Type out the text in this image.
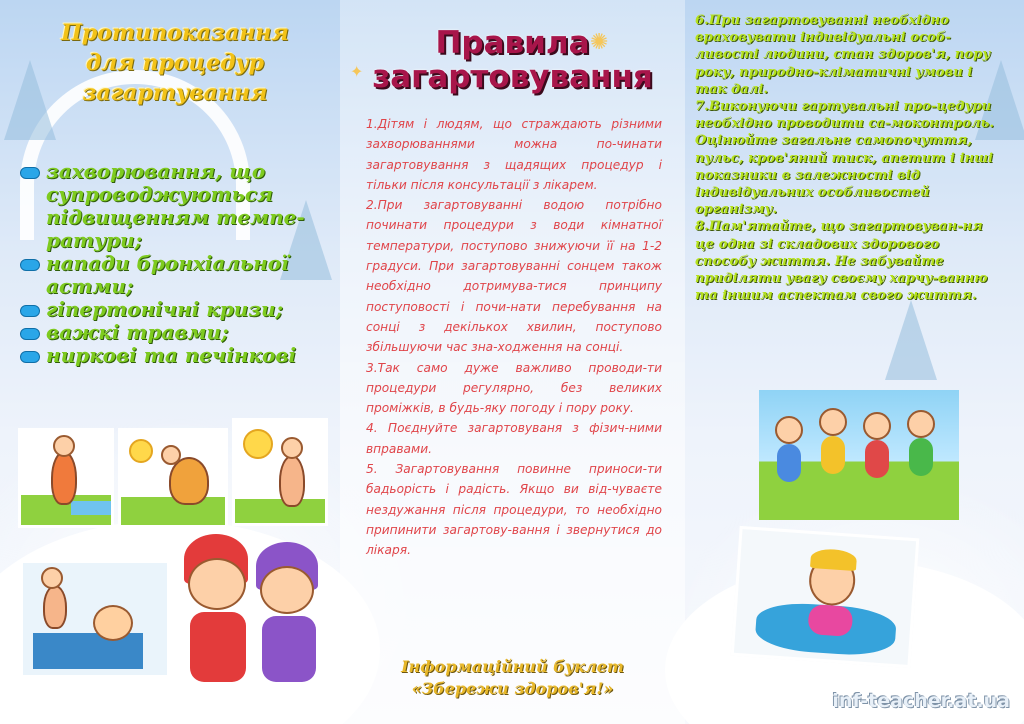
Протипоказання
для процедур
загартування
захворювання, що супроводжуються підвищенням темпе-ратури;
напади бронхіальної астми;
гіпертонічні кризи;
важкі травми;
ниркові та печінкові
✺
✦
Правила
загартовування

1.Дітям і людям, що страждають різними захворюваннями можна по-чинати загартовування з щадящих процедур і тільки після консультації з лікарем.

2.При загартовуванні водою потрібно починати процедури з води кімнатної температури, поступово знижуючи її на 1-2 градуси. При загартовуванні сонцем також необхідно дотримува-тися принципу поступовості і почи-нати перебування на сонці з декількох хвилин, поступово збільшуючи час зна-ходження на сонці.

3.Так само дуже важливо проводи-ти процедури регулярно, без великих проміжків, в будь-яку погоду і пору року.

4. Поєднуйте загартовуваня з фізич-ними вправами.

5. Загартовування повинне приноси-ти бадьорість і радість. Якщо ви від-чуваєте нездужання після процедури, то необхідно припинити загартову-вання і звернутися до лікаря.

Інформаційний буклет
«Збережи здоров'я!»

6.При загартовуванні необхідно враховувати індивідуальні особ-ливості людини, стан здоров'я, пору року, природно-кліматичні умови і так далі.

7.Виконуючи гартувальні про-цедури необхідно проводити са-моконтроль. Оцінюйте загальне самопочуття, пульс, кров'яний тиск, апетит і інші показники в залежності від індивідуальних особливостей організму.

8.Пам'ятайте, що загартовуван-ня це одна зі складових здорового способу життя. Не забувайте приділяти увагу своєму харчу-ванню та іншим аспектам свого життя.

inf-teacher.at.ua
